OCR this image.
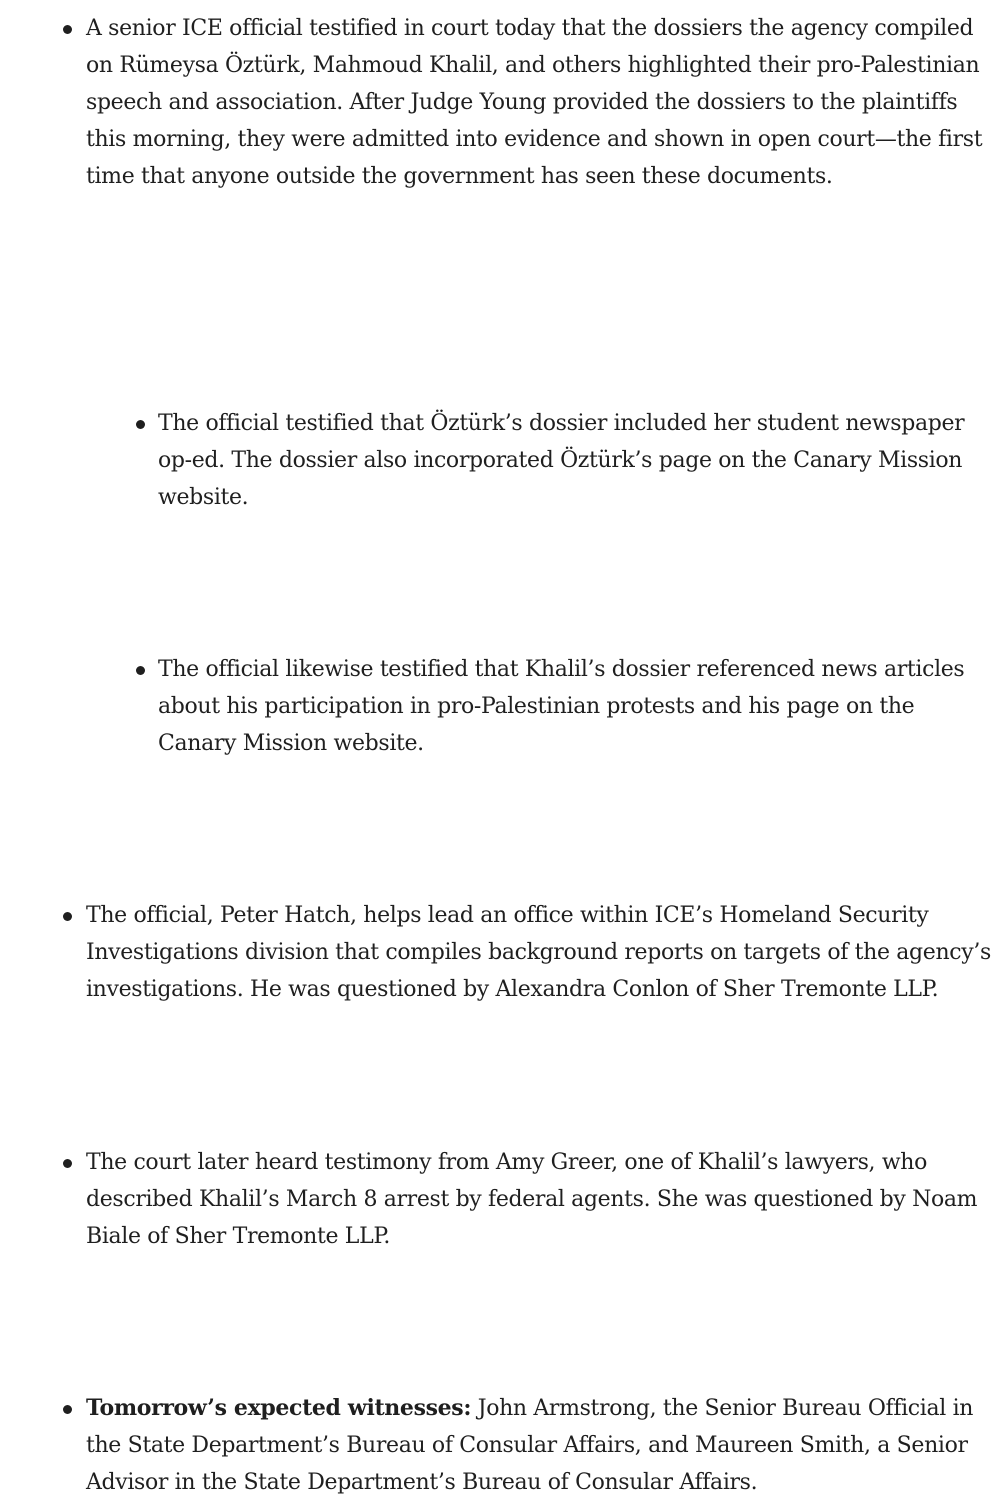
A senior ICE official testified in court today that the dossiers the agency compiled on Rümeysa Öztürk, Mahmoud Khalil, and others highlighted their pro-Palestinian speech and association. After Judge Young provided the dossiers to the plaintiffs this morning, they were admitted into evidence and shown in open court—the first time that anyone outside the government has seen these documents.

The official testified that Öztürk’s dossier included her student newspaper op-ed. The dossier also incorporated Öztürk’s page on the Canary Mission website.

The official likewise testified that Khalil’s dossier referenced news articles about his participation in pro-Palestinian protests and his page on the Canary Mission website.

The official, Peter Hatch, helps lead an office within ICE’s Homeland Security Investigations division that compiles background reports on targets of the agency’s investigations. He was questioned by Alexandra Conlon of Sher Tremonte LLP.

The court later heard testimony from Amy Greer, one of Khalil’s lawyers, who described Khalil’s March 8 arrest by federal agents. She was questioned by Noam Biale of Sher Tremonte LLP.

Tomorrow’s expected witnesses: John Armstrong, the Senior Bureau Official in the State Department’s Bureau of Consular Affairs, and Maureen Smith, a Senior Advisor in the State Department’s Bureau of Consular Affairs.
